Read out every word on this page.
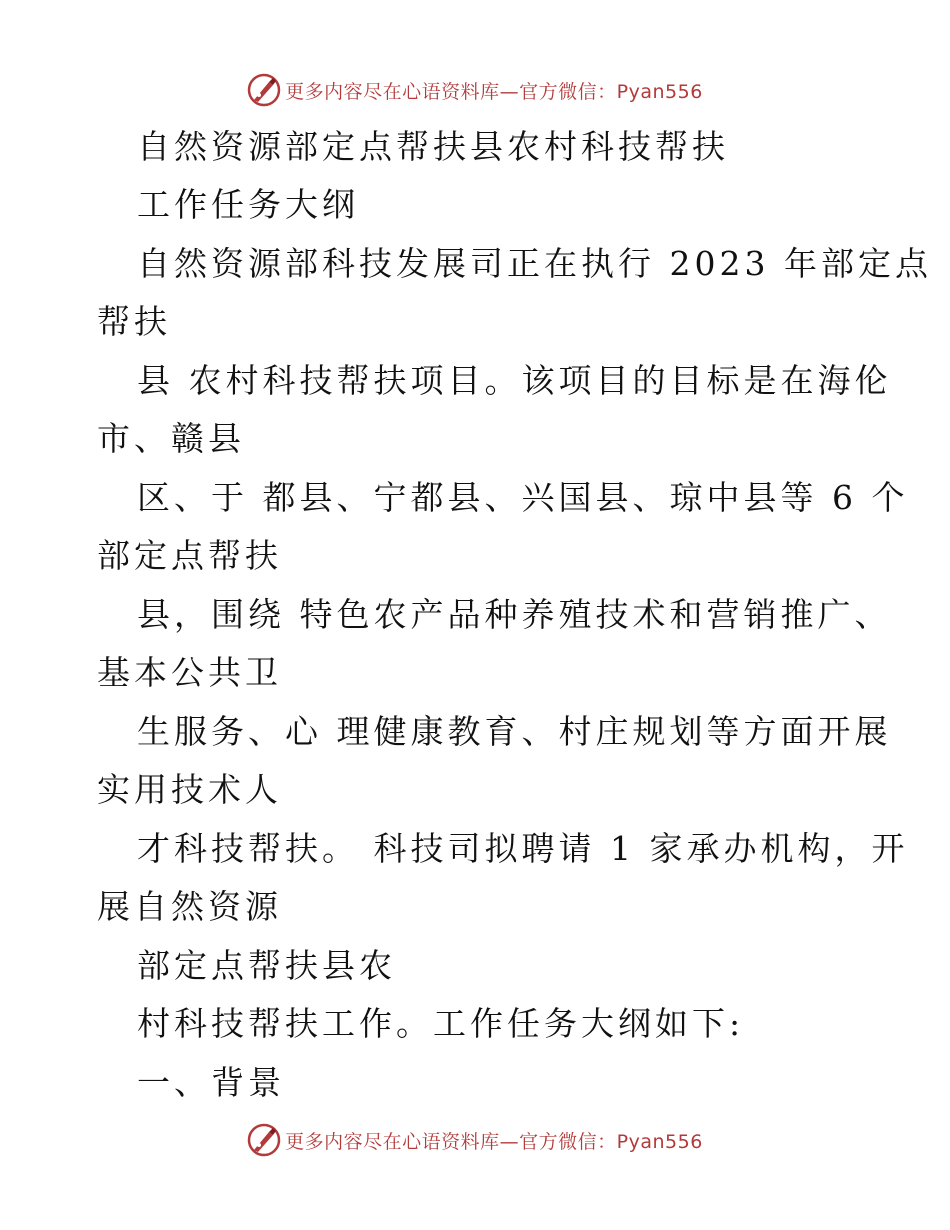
更多内容尽在心语资料库—官方微信：Pyan556
自然资源部定点帮扶县农村科技帮扶
工作任务大纲
自然资源部科技发展司正在执行 2023 年部定点
帮扶
县 农村科技帮扶项目。该项目的目标是在海伦
市、赣县
区、于 都县、宁都县、兴国县、琼中县等 6 个
部定点帮扶
县，围绕 特色农产品种养殖技术和营销推广、
基本公共卫
生服务、心 理健康教育、村庄规划等方面开展
实用技术人
才科技帮扶。 科技司拟聘请 1 家承办机构，开
展自然资源
部定点帮扶县农
村科技帮扶工作。工作任务大纲如下:
一、背景
更多内容尽在心语资料库—官方微信：Pyan556
